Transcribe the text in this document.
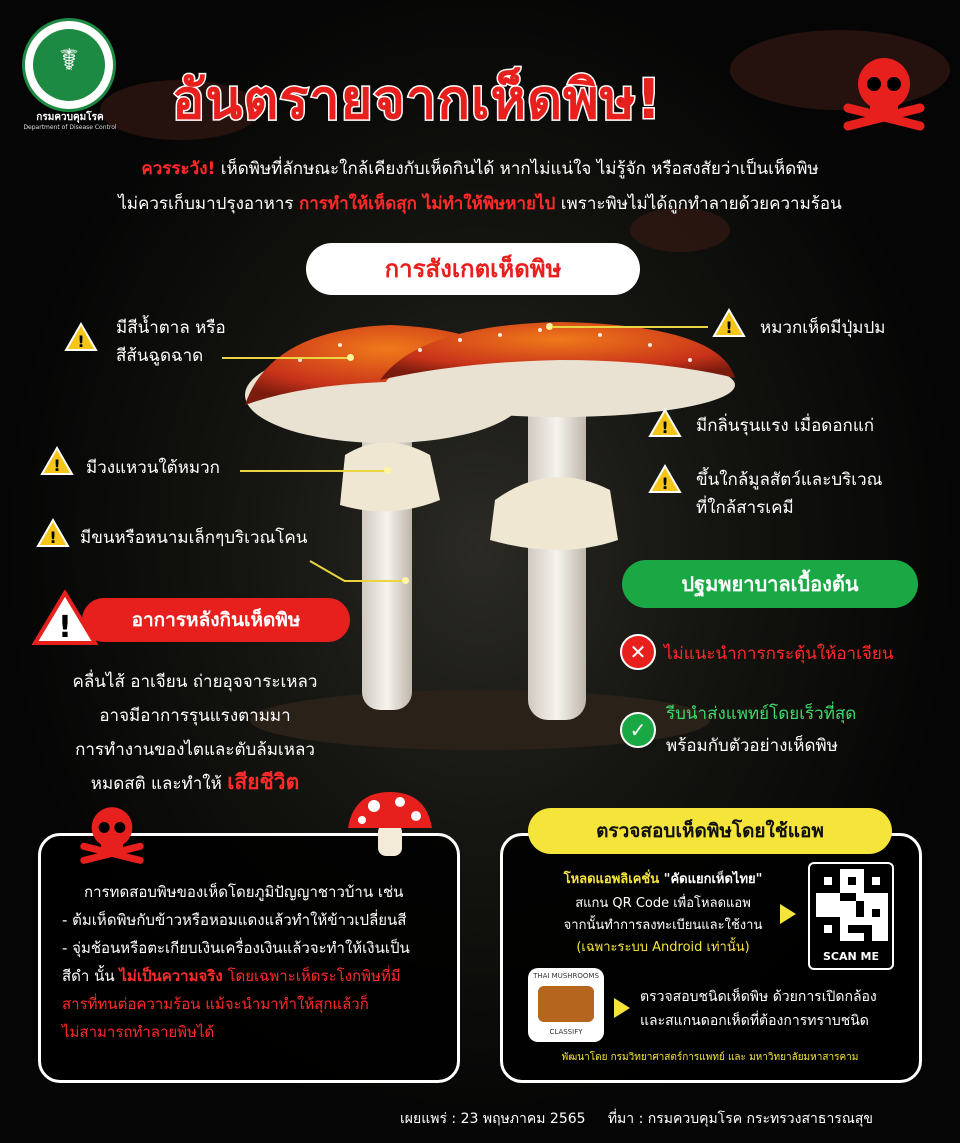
☤
กรมควบคุมโรค
Department of Disease Control อันตรายจากเห็ดพิษ!
ควรระวัง! เห็ดพิษที่ลักษณะใกล้เคียงกับเห็ดกินได้ หากไม่แน่ใจ ไม่รู้จัก หรือสงสัยว่าเป็นเห็ดพิษ
ไม่ควรเก็บมาปรุงอาหาร การทำให้เห็ดสุก ไม่ทำให้พิษหายไป เพราะพิษไม่ได้ถูกทำลายด้วยความร้อน
การสังเกตเห็ดพิษ
!
มีสีน้ำตาล หรือ
สีส้นฉูดฉาด
! มีวงแหวนใต้หมวก
! มีขนหรือหนามเล็กๆบริเวณโคน
! หมวกเห็ดมีปุ่มปม
! มีกลิ่นรุนแรง เมื่อดอกแก่
! ขึ้นใกล้มูลสัตว์และบริเวณ
ที่ใกล้สารเคมี
อาการหลังกินเห็ดพิษ
!
คลื่นไส้ อาเจียน ถ่ายอุจจาระเหลว
อาจมีอาการรุนแรงตามมา
การทำงานของไตและตับล้มเหลว
หมดสติ และทำให้ เสียชีวิต
ปฐมพยาบาลเบื้องต้น
✕	ไม่แนะนำการกระตุ้นให้อาเจียน
✓
รีบนำส่งแพทย์โดยเร็วที่สุด
พร้อมกับตัวอย่างเห็ดพิษ
การทดสอบพิษของเห็ดโดยภูมิปัญญาชาวบ้าน เช่น
- ต้มเห็ดพิษกับข้าวหรือหอมแดงแล้วทำให้ข้าวเปลี่ยนสี
- จุ่มช้อนหรือตะเกียบเงินเครื่องเงินแล้วจะทำให้เงินเป็น
สีดำ นั้น ไม่เป็นความจริง โดยเฉพาะเห็ดระโงกพิษที่มี
สารที่ทนต่อความร้อน แม้จะนำมาทำให้สุกแล้วก็
ไม่สามารถทำลายพิษได้
ตรวจสอบเห็ดพิษโดยใช้แอพ
โหลดแอพลิเคชั่น "คัดแยกเห็ดไทย"
สแกน QR Code เพื่อโหลดแอพ
จากนั้นทำการลงทะเบียนและใช้งาน
(เฉพาะระบบ Android เท่านั้น)
SCAN ME
THAI MUSHROOMS
CLASSIFY
ตรวจสอบชนิดเห็ดพิษ ด้วยการเปิดกล้อง
และสแกนดอกเห็ดที่ต้องการทราบชนิด
พัฒนาโดย กรมวิทยาศาสตร์การแพทย์ และ มหาวิทยาลัยมหาสารคาม
เผยแพร่ : 23 พฤษภาคม 2565 ที่มา : กรมควบคุมโรค กระทรวงสาธารณสุข
